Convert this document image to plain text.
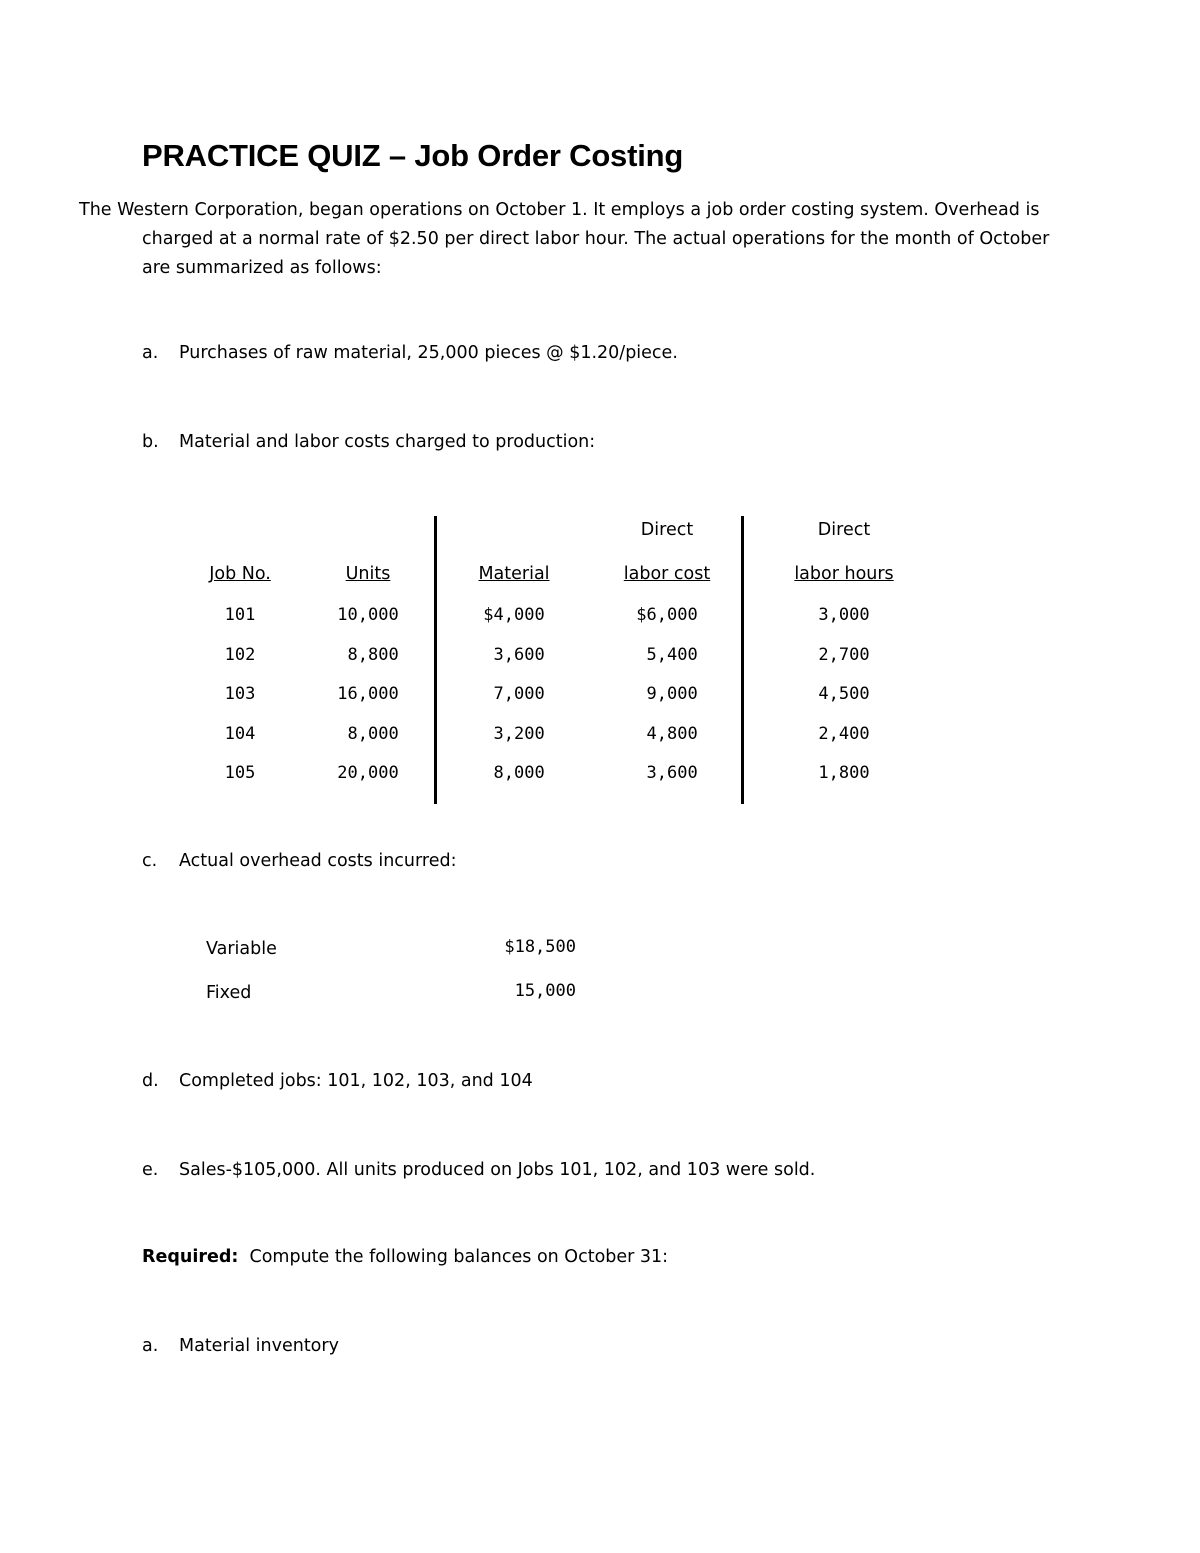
PRACTICE QUIZ – Job Order Costing
The Western Corporation, began operations on October 1. It employs a job order costing system. Overhead is
charged at a normal rate of $2.50 per direct labor hour. The actual operations for the month of October
are summarized as follows:
a. Purchases of raw material, 25,000 pieces @ $1.20/piece.
b. Material and labor costs charged to production:
Direct	Direct
Job No.	Units	Material	labor cost	labor hours
101	10,000	$4,000	$6,000	3,000
102	8,800	3,600	5,400	2,700
103	16,000	7,000	9,000	4,500
104	8,000	3,200	4,800	2,400
105	20,000	8,000	3,600	1,800
c. Actual overhead costs incurred:
Variable	$18,500
Fixed	15,000
d. Completed jobs: 101, 102, 103, and 104
e. Sales-$105,000. All units produced on Jobs 101, 102, and 103 were sold.
Required:  Compute the following balances on October 31:
a. Material inventory
